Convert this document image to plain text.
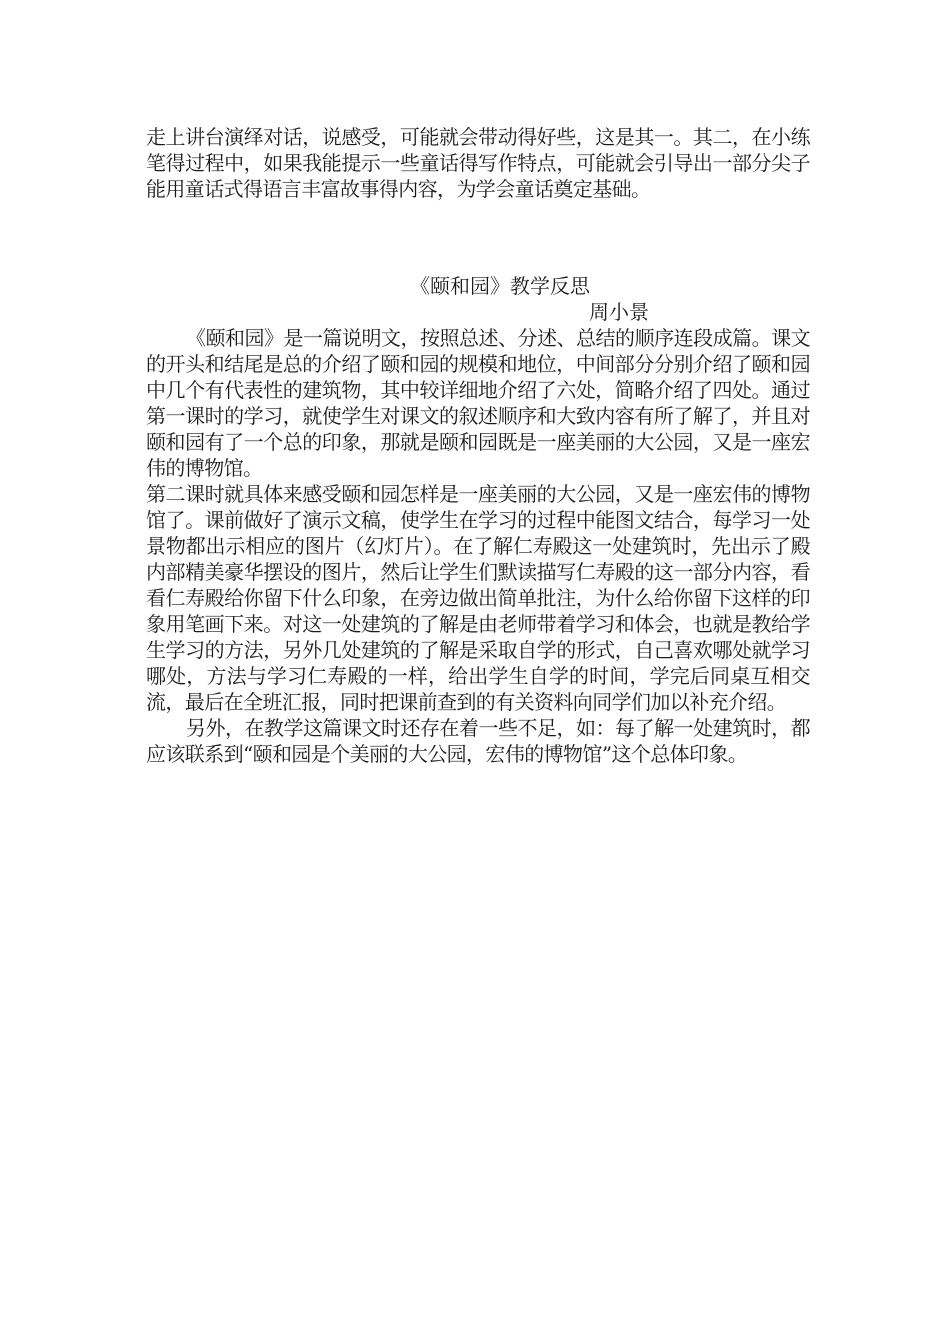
走上讲台演绎对话，说感受，可能就会带动得好些，这是其一。其二，在小练笔得过程中，如果我能提示一些童话得写作特点，可能就会引导出一部分尖子能用童话式得语言丰富故事得内容，为学会童话奠定基础。

《颐和园》教学反思
周小景

《颐和园》是一篇说明文，按照总述、分述、总结的顺序连段成篇。课文的开头和结尾是总的介绍了颐和园的规模和地位，中间部分分别介绍了颐和园中几个有代表性的建筑物，其中较详细地介绍了六处，简略介绍了四处。通过第一课时的学习，就使学生对课文的叙述顺序和大致内容有所了解了，并且对颐和园有了一个总的印象，那就是颐和园既是一座美丽的大公园，又是一座宏伟的博物馆。

第二课时就具体来感受颐和园怎样是一座美丽的大公园，又是一座宏伟的博物馆了。课前做好了演示文稿，使学生在学习的过程中能图文结合，每学习一处景物都出示相应的图片（幻灯片）。在了解仁寿殿这一处建筑时，先出示了殿内部精美豪华摆设的图片，然后让学生们默读描写仁寿殿的这一部分内容，看看仁寿殿给你留下什么印象，在旁边做出简单批注，为什么给你留下这样的印象用笔画下来。对这一处建筑的了解是由老师带着学习和体会，也就是教给学生学习的方法，另外几处建筑的了解是采取自学的形式，自己喜欢哪处就学习哪处，方法与学习仁寿殿的一样，给出学生自学的时间，学完后同桌互相交流，最后在全班汇报，同时把课前查到的有关资料向同学们加以补充介绍。

另外，在教学这篇课文时还存在着一些不足，如：每了解一处建筑时，都应该联系到“颐和园是个美丽的大公园，宏伟的博物馆”这个总体印象。
